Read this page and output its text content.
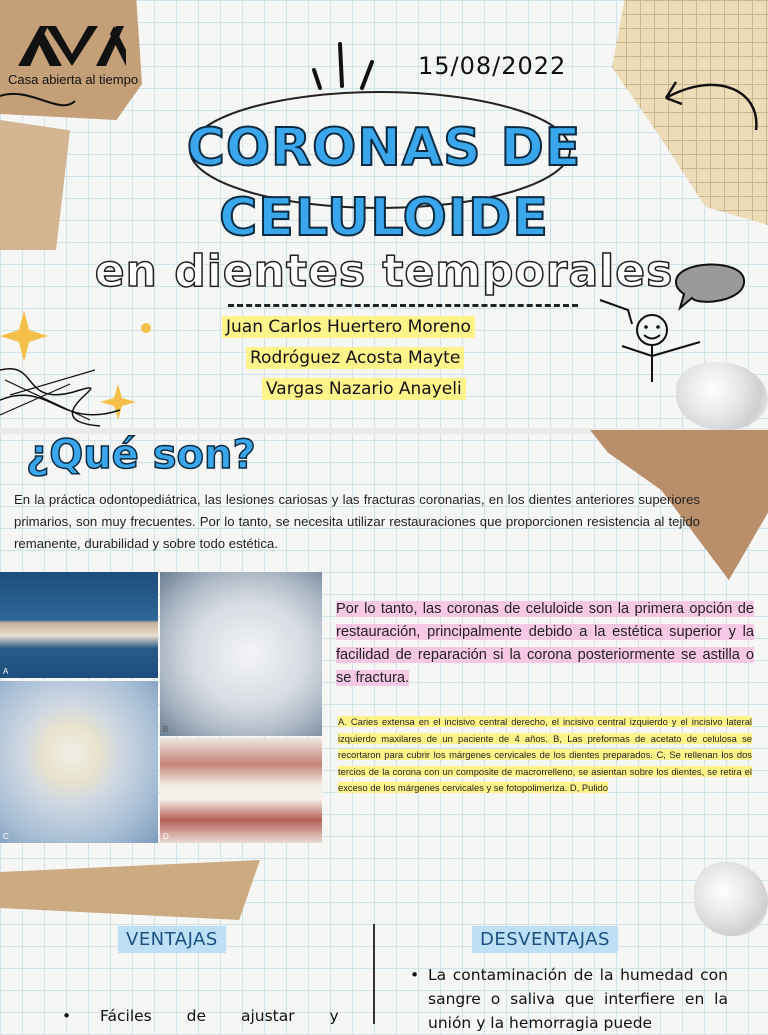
Casa abierta al tiempo	15/08/2022
CORONAS DE
CELULOIDE
en dientes temporales
Juan Carlos Huertero Moreno
Rodróguez Acosta Mayte
Vargas Nazario Anayeli
¿Qué son?
En la práctica odontopediátrica, las lesiones cariosas y las fracturas coronarias, en los dientes anteriores superiores primarios, son muy frecuentes. Por lo tanto, se necesita utilizar restauraciones que proporcionen resistencia al tejido remanente, durabilidad y sobre todo estética.
A
B
C	D
Por lo tanto, las coronas de celuloide son la primera opción de restauración, principalmente debido a la estética superior y la facilidad de reparación si la corona posteriormente se astilla o se fractura.
A. Caries extensa en el incisivo central derecho, el incisivo central izquierdo y el incisivo lateral izquierdo maxilares de un paciente de 4 años. B, Las preformas de acetato de celulosa se recortaron para cubrir los márgenes cervicales de los dientes preparados. C, Se rellenan los dos tercios de la corona con un composite de macrorrelleno, se asientan sobre los dientes, se retira el exceso de los márgenes cervicales y se fotopolimeriza. D, Pulido
VENTAJAS	DESVENTAJAS
•	Fáciles de ajustar y
• La contaminación de la humedad con sangre o saliva que interfiere en la unión y la hemorragia puede
